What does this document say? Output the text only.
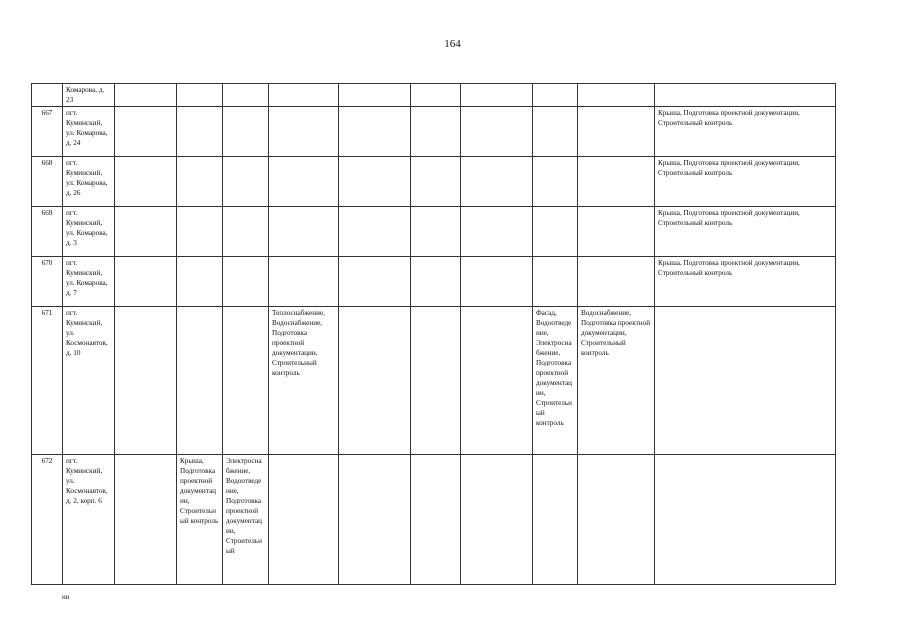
164
	Комарова, д. 23										
667	пгт. Куминский, ул. Комарова, д. 24										Крыша, Подготовка проектной документации, Строительный контроль
668	пгт. Куминский, ул. Комарова, д. 26										Крыша, Подготовка проектной документации, Строительный контроль
669	пгт. Куминский, ул. Комарова, д. 3										Крыша, Подготовка проектной документации, Строительный контроль
670	пгт. Куминский, ул. Комарова, д. 7										Крыша, Подготовка проектной документации, Строительный контроль
671	пгт. Куминский, ул. Космонавтов, д. 10				Теплоснабжение, Водоснабжение, Подготовка проектной документации, Строительный контроль				Фасад, Водоотведение, Электроснабжение, Подготовка проектной документации, Строительный контроль	Водоснабжение, Подготовка проектной документации, Строительный контроль	
672	пгт. Куминский, ул. Космонавтов, д. 2, корп. 6		Крыша, Подготовка проектной документации, Строительный контроль	Электроснабжение, Водоотведение, Подготовка проектной документации, Строительный							
нн
